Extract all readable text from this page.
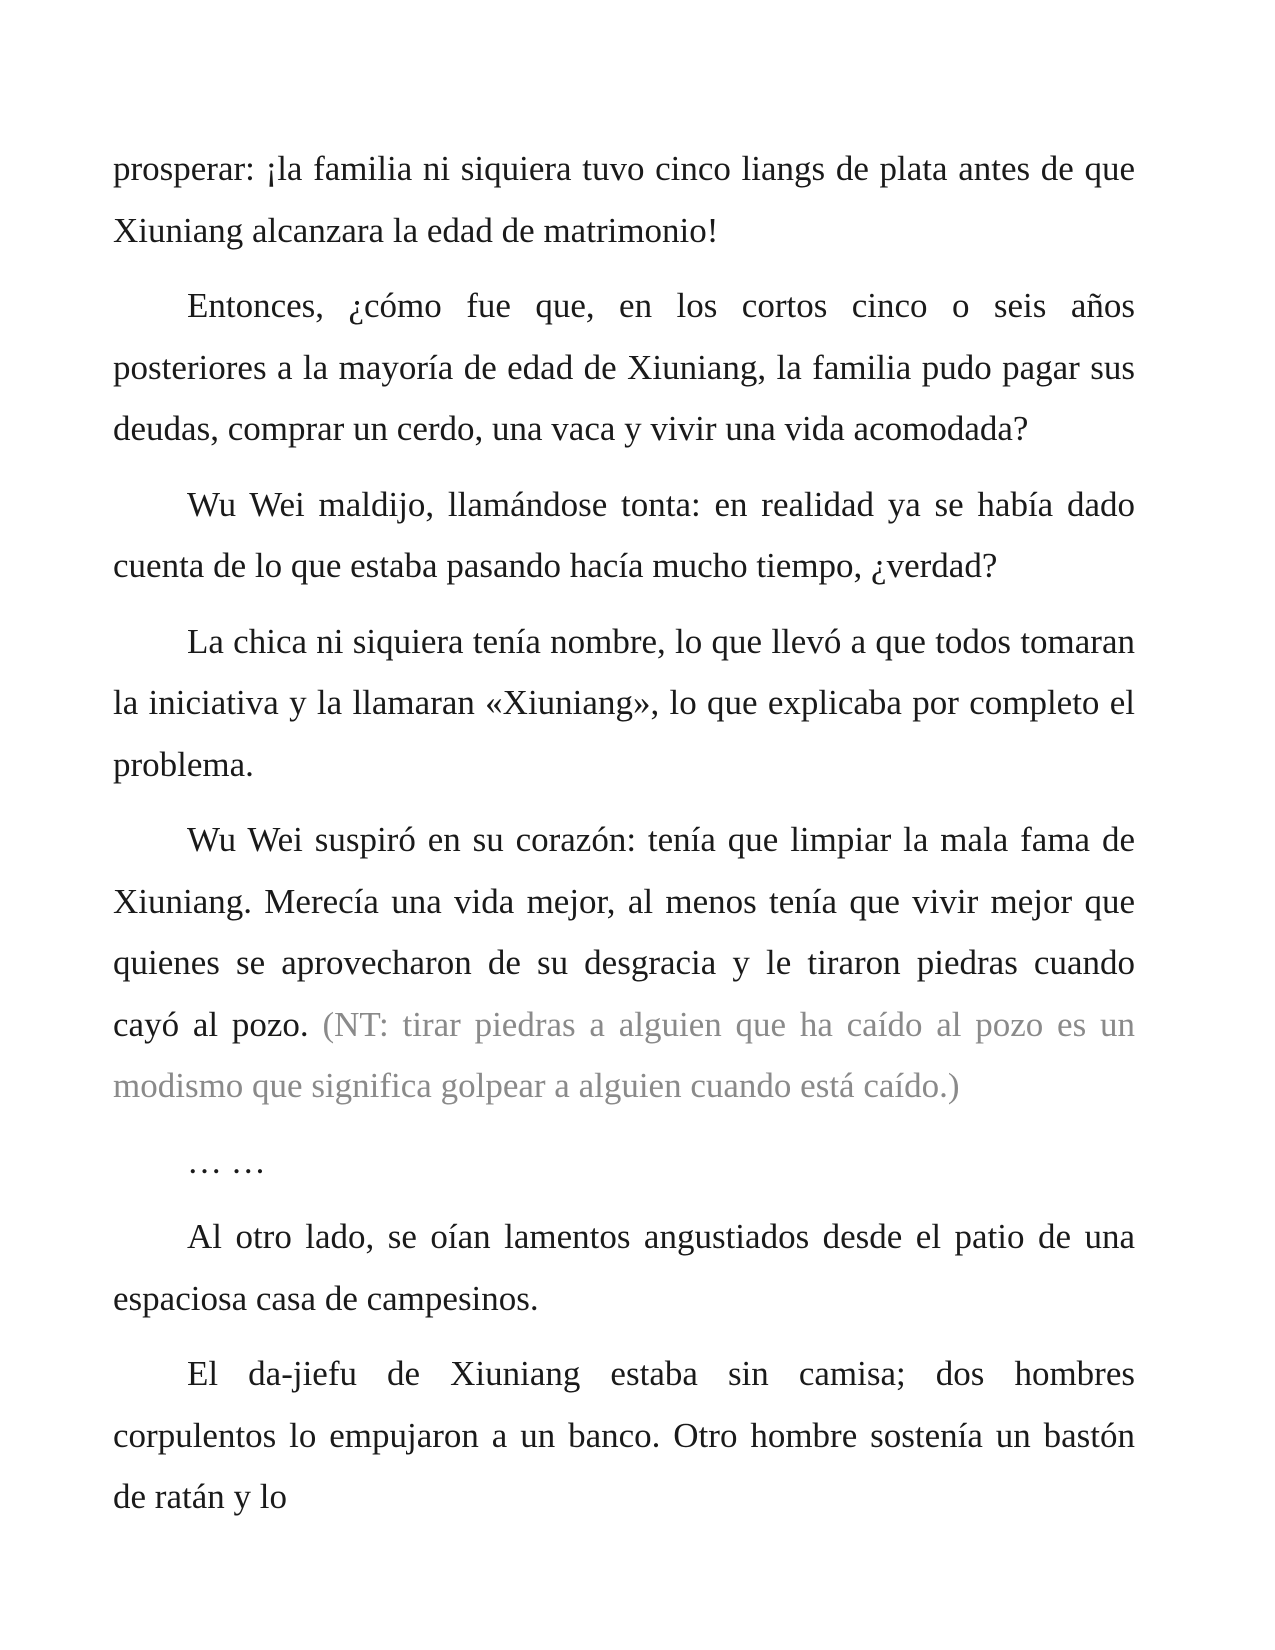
prosperar: ¡la familia ni siquiera tuvo cinco liangs de plata antes de que Xiuniang alcanzara la edad de matrimonio!

Entonces, ¿cómo fue que, en los cortos cinco o seis años posteriores a la mayoría de edad de Xiuniang, la familia pudo pagar sus deudas, comprar un cerdo, una vaca y vivir una vida acomodada?

Wu Wei maldijo, llamándose tonta: en realidad ya se había dado cuenta de lo que estaba pasando hacía mucho tiempo, ¿verdad?

La chica ni siquiera tenía nombre, lo que llevó a que todos tomaran la iniciativa y la llamaran «Xiuniang», lo que explicaba por completo el problema.

Wu Wei suspiró en su corazón: tenía que limpiar la mala fama de Xiuniang. Merecía una vida mejor, al menos tenía que vivir mejor que quienes se aprovecharon de su desgracia y le tiraron piedras cuando cayó al pozo. (NT: tirar piedras a alguien que ha caído al pozo es un modismo que significa golpear a alguien cuando está caído.)

… …

Al otro lado, se oían lamentos angustiados desde el patio de una espaciosa casa de campesinos.

El da-jiefu de Xiuniang estaba sin camisa; dos hombres corpulentos lo empujaron a un banco. Otro hombre sostenía un bastón de ratán y lo
